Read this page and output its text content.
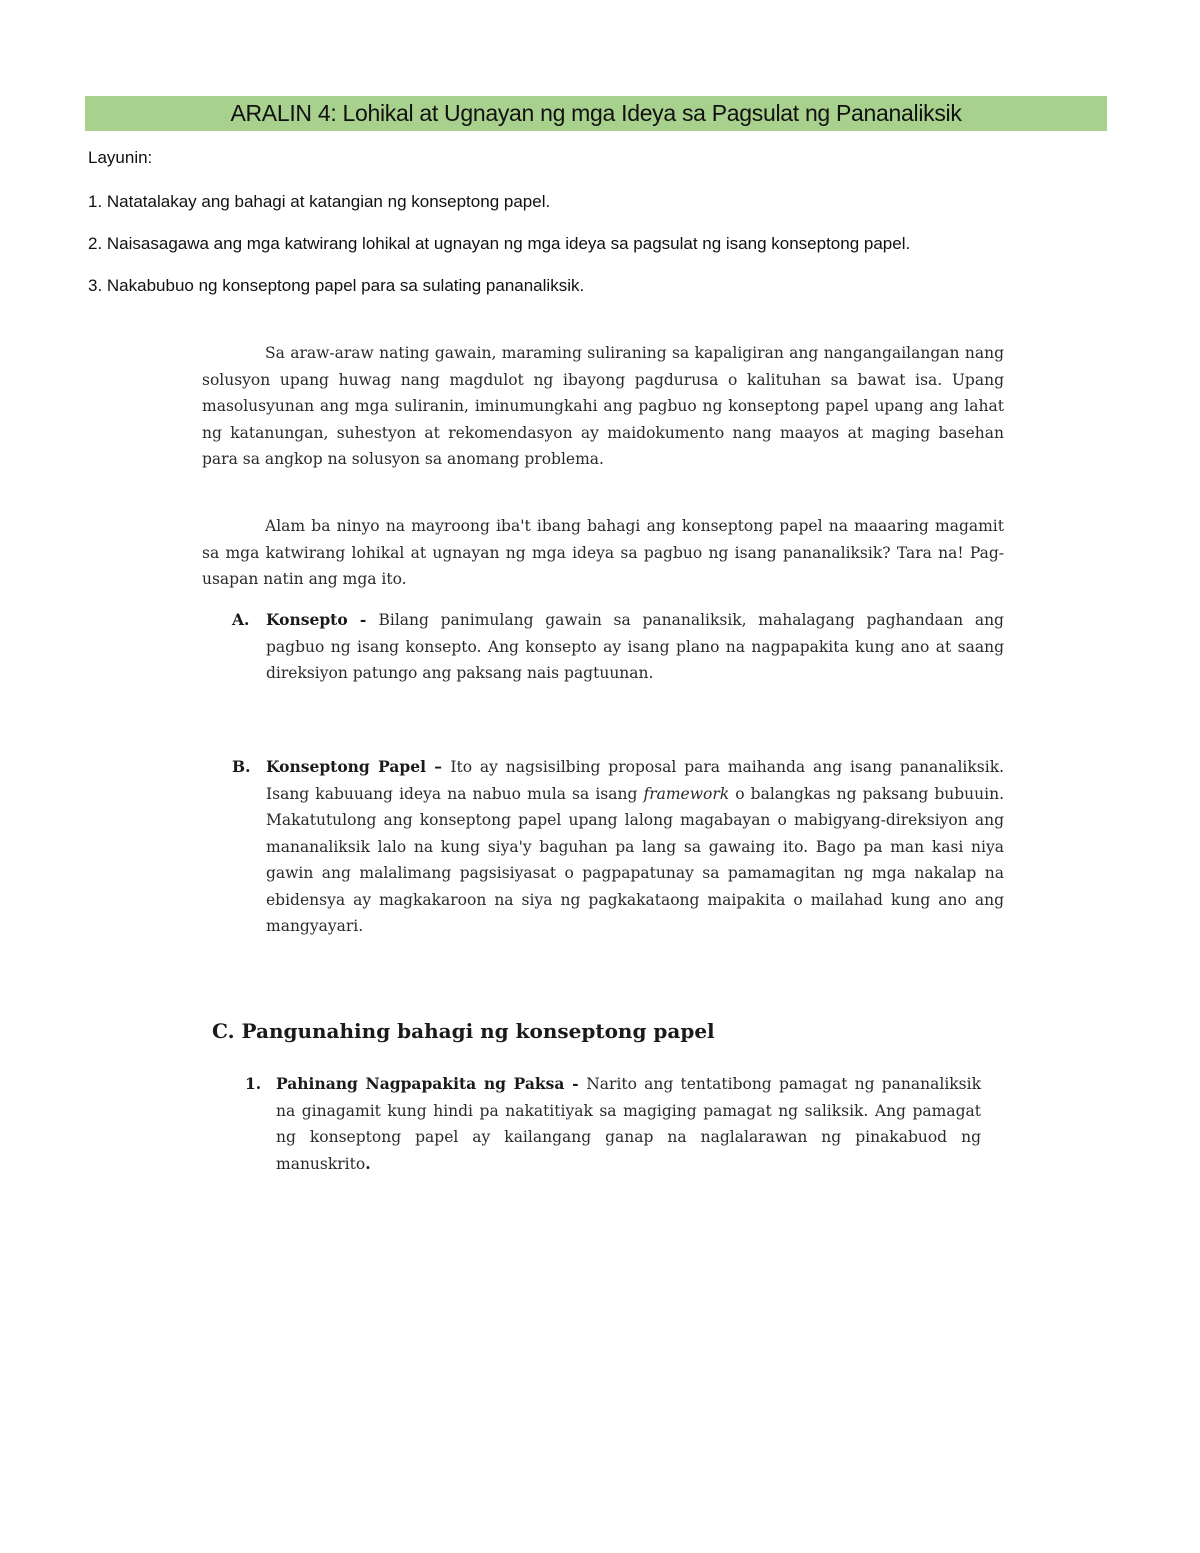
ARALIN 4: Lohikal at Ugnayan ng mga Ideya sa Pagsulat ng Pananaliksik

Layunin:

1. Natatalakay ang bahagi at katangian ng konseptong papel.

2. Naisasagawa ang mga katwirang lohikal at ugnayan ng mga ideya sa pagsulat ng isang konseptong papel.

3. Nakabubuo ng konseptong papel para sa sulating pananaliksik.

Sa araw-araw nating gawain, maraming suliraning sa kapaligiran ang nangangailangan nang solusyon upang huwag nang magdulot ng ibayong pagdurusa o kalituhan sa bawat isa. Upang masolusyunan ang mga suliranin, iminumungkahi ang pagbuo ng konseptong papel upang ang lahat ng katanungan, suhestyon at rekomendasyon ay maidokumento nang maayos at maging basehan para sa angkop na solusyon sa anomang problema.

Alam ba ninyo na mayroong iba't ibang bahagi ang konseptong papel na maaaring magamit sa mga katwirang lohikal at ugnayan ng mga ideya sa pagbuo ng isang pananaliksik? Tara na! Pag-usapan natin ang mga ito.

A.	Konsepto - Bilang panimulang gawain sa pananaliksik, mahalagang paghandaan ang pagbuo ng isang konsepto. Ang konsepto ay isang plano na nagpapakita kung ano at saang direksiyon patungo ang paksang nais pagtuunan.
B.	Konseptong Papel – Ito ay nagsisilbing proposal para maihanda ang isang pananaliksik. Isang kabuuang ideya na nabuo mula sa isang framework o balangkas ng paksang bubuuin. Makatutulong ang konseptong papel upang lalong magabayan o mabigyang-direksiyon ang mananaliksik lalo na kung siya'y baguhan pa lang sa gawaing ito. Bago pa man kasi niya gawin ang malalimang pagsisiyasat o pagpapatunay sa pamamagitan ng mga nakalap na ebidensya ay magkakaroon na siya ng pagkakataong maipakita o mailahad kung ano ang mangyayari.
C. Pangunahing bahagi ng konseptong papel
1. Pahinang Nagpapakita ng Paksa - Narito ang tentatibong pamagat ng pananaliksik na ginagamit kung hindi pa nakatitiyak sa magiging pamagat ng saliksik. Ang pamagat ng konseptong papel ay kailangang ganap na naglalarawan ng pinakabuod ng manuskrito.
